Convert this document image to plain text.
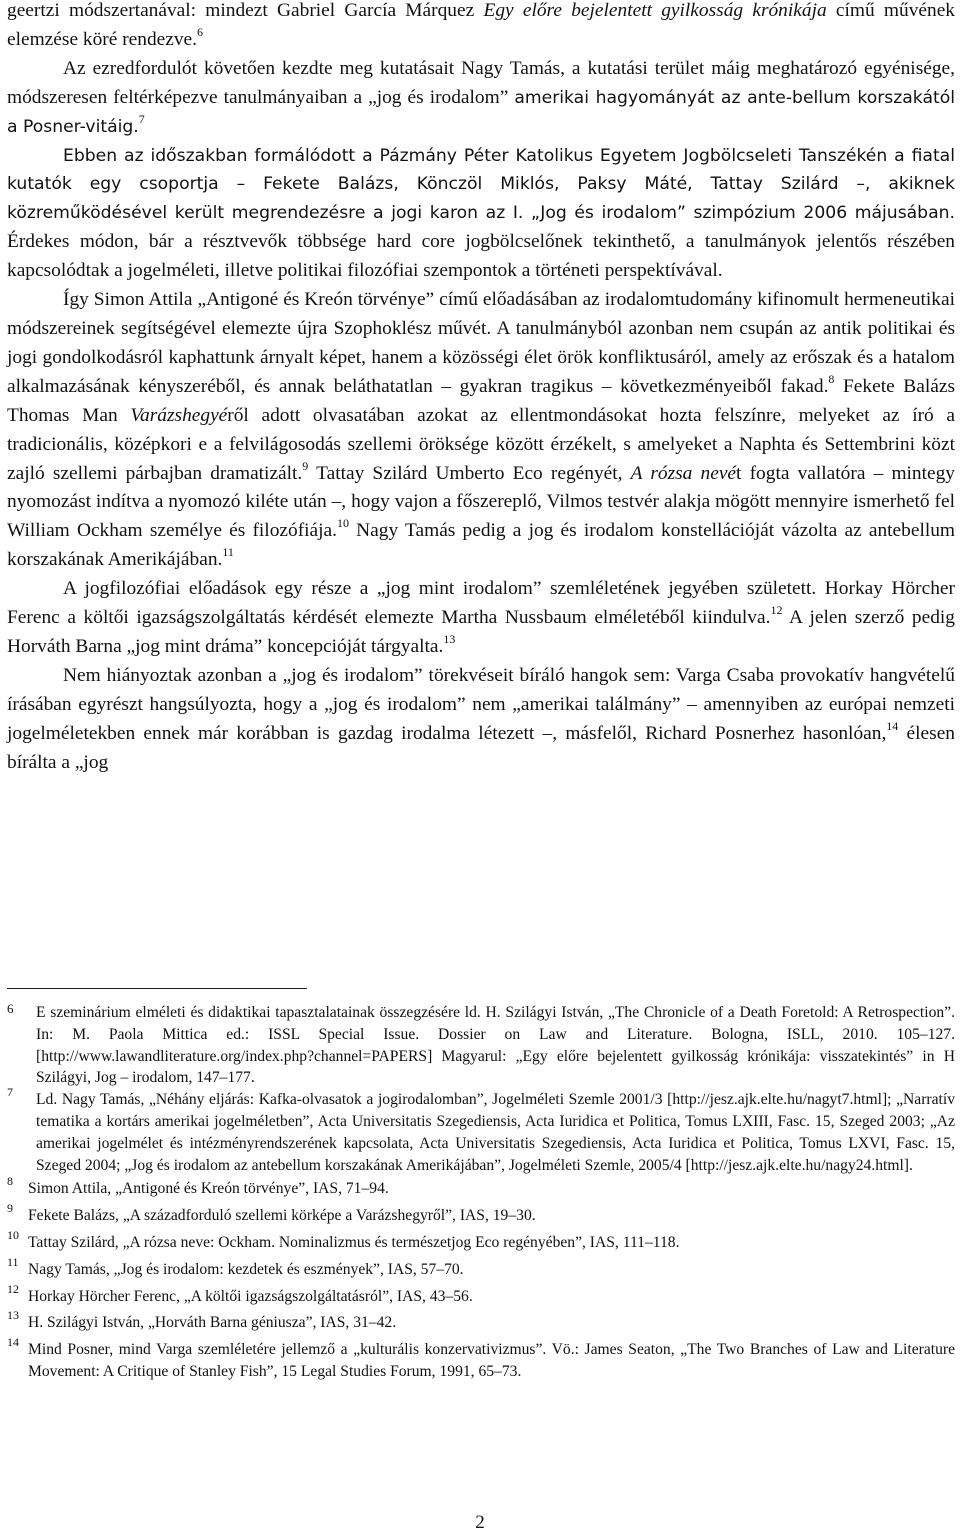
geertzi módszertanával: mindezt Gabriel García Márquez Egy előre bejelentett gyilkosság krónikája című művének elemzése köré rendezve.$^6$

Az ezredfordulót követően kezdte meg kutatásait Nagy Tamás, a kutatási terület máig meghatározó egyénisége, módszeresen feltérképezve tanulmányaiban a „jog és irodalom” amerikai hagyományát az ante-bellum korszakától a Posner-vitáig.$^7$

Ebben az időszakban formálódott a Pázmány Péter Katolikus Egyetem Jogbölcseleti Tanszékén a fiatal kutatók egy csoportja – Fekete Balázs, Könczöl Miklós, Paksy Máté, Tattay Szilárd –, akiknek közreműködésével került megrendezésre a jogi karon az I. „Jog és irodalom” szimpózium 2006 májusában. Érdekes módon, bár a résztvevők többsége hard core jogbölcselőnek tekinthető, a tanulmányok jelentős részében kapcsolódtak a jogelméleti, illetve politikai filozófiai szempontok a történeti perspektívával.

Így Simon Attila „Antigoné és Kreón törvénye” című előadásában az irodalomtudomány kifinomult hermeneutikai módszereinek segítségével elemezte újra Szophoklész művét. A tanulmányból azonban nem csupán az antik politikai és jogi gondolkodásról kaphattunk árnyalt képet, hanem a közösségi élet örök konfliktusáról, amely az erőszak és a hatalom alkalmazásának kényszeréből, és annak beláthatatlan – gyakran tragikus – következményeiből fakad.$^8$ Fekete Balázs Thomas Man Varázshegyéről adott olvasatában azokat az ellentmondásokat hozta felszínre, melyeket az író a tradicionális, középkori e a felvilágosodás szellemi öröksége között érzékelt, s amelyeket a Naphta és Settembrini közt zajló szellemi párbajban dramatizált.$^9$ Tattay Szilárd Umberto Eco regényét, A rózsa nevét fogta vallatóra – mintegy nyomozást indítva a nyomozó kiléte után –, hogy vajon a főszereplő, Vilmos testvér alakja mögött mennyire ismerhető fel William Ockham személye és filozófiája.$^{10}$ Nagy Tamás pedig a jog és irodalom konstellációját vázolta az antebellum korszakának Amerikájában.$^{11}$

A jogfilozófiai előadások egy része a „jog mint irodalom” szemléletének jegyében született. Horkay Hörcher Ferenc a költői igazságszolgáltatás kérdését elemezte Martha Nussbaum elméletéből kiindulva.$^{12}$ A jelen szerző pedig Horváth Barna „jog mint dráma” koncepcióját tárgyalta.$^{13}$

Nem hiányoztak azonban a „jog és irodalom” törekvéseit bíráló hangok sem: Varga Csaba provokatív hangvételű írásában egyrészt hangsúlyozta, hogy a „jog és irodalom” nem „amerikai találmány” – amennyiben az európai nemzeti jogelméletekben ennek már korábban is gazdag irodalma létezett –, másfelől, Richard Posnerhez hasonlóan,$^{14}$ élesen bírálta a „jog

6 E szeminárium elméleti és didaktikai tapasztalatainak összegzésére ld. H. Szilágyi István, „The Chronicle of a Death Foretold: A Retrospection”. In: M. Paola Mittica ed.: ISSL Special Issue. Dossier on Law and Literature. Bologna, ISLL, 2010. 105–127. [http://www.lawandliterature.org/index.php?channel=PAPERS] Magyarul: „Egy előre bejelentett gyilkosság krónikája: visszatekintés” in H Szilágyi, Jog – irodalom, 147–177.
7 Ld. Nagy Tamás, „Néhány eljárás: Kafka-olvasatok a jogirodalomban”, Jogelméleti Szemle 2001/3 [http://jesz.ajk.elte.hu/nagyt7.html]; „Narratív tematika a kortárs amerikai jogelméletben”, Acta Universitatis Szegediensis, Acta Iuridica et Politica, Tomus LXIII, Fasc. 15, Szeged 2003; „Az amerikai jogelmélet és intézményrendszerének kapcsolata, Acta Universitatis Szegediensis, Acta Iuridica et Politica, Tomus LXVI, Fasc. 15, Szeged 2004; „Jog és irodalom az antebellum korszakának Amerikájában”, Jogelméleti Szemle, 2005/4 [http://jesz.ajk.elte.hu/nagy24.html].
8 Simon Attila, „Antigoné és Kreón törvénye”, IAS, 71–94.
9 Fekete Balázs, „A századforduló szellemi körképe a Varázshegyről”, IAS, 19–30.
10 Tattay Szilárd, „A rózsa neve: Ockham. Nominalizmus és természetjog Eco regényében”, IAS, 111–118.
11 Nagy Tamás, „Jog és irodalom: kezdetek és eszmények”, IAS, 57–70.
12 Horkay Hörcher Ferenc, „A költői igazságszolgáltatásról”, IAS, 43–56.
13 H. Szilágyi István, „Horváth Barna géniusza”, IAS, 31–42.
14 Mind Posner, mind Varga szemléletére jellemző a „kulturális konzervativizmus”. Vö.: James Seaton, „The Two Branches of Law and Literature Movement: A Critique of Stanley Fish”, 15 Legal Studies Forum, 1991, 65–73.
2
